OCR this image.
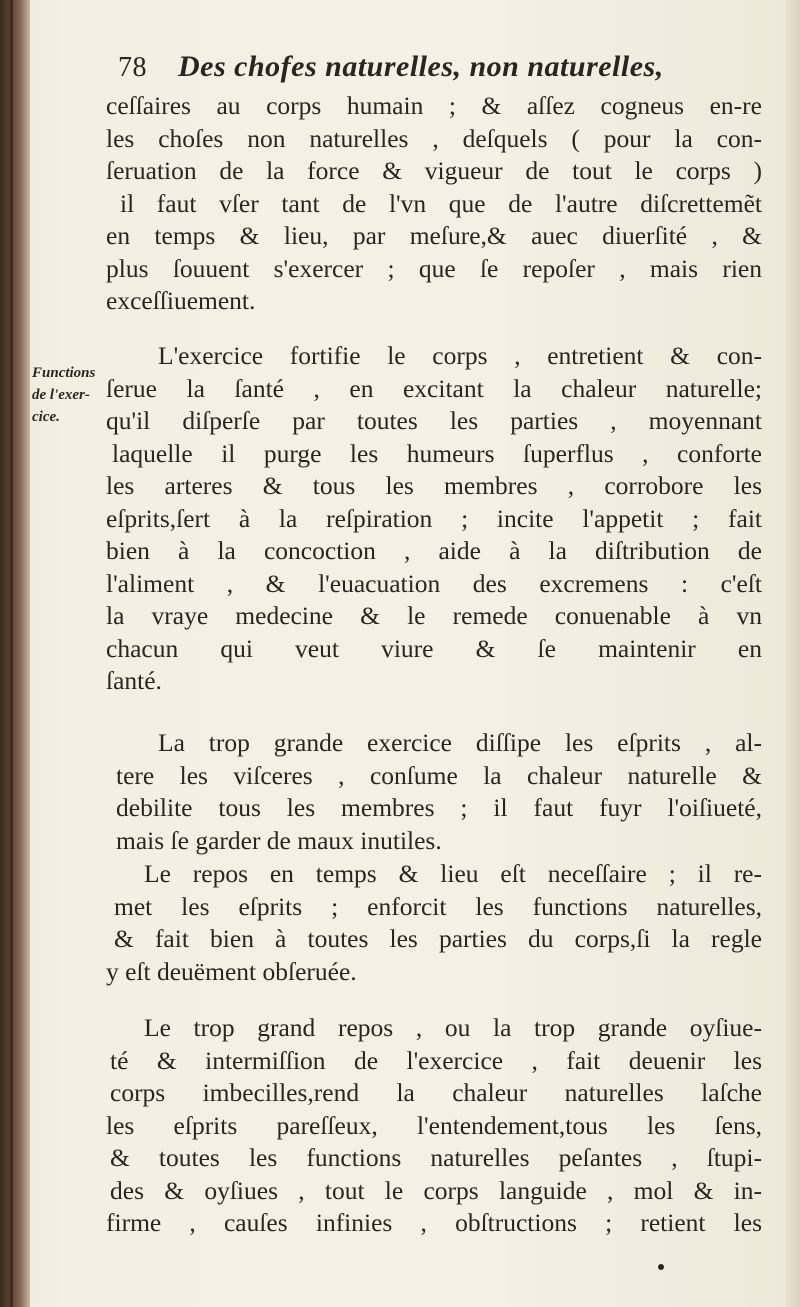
78 Des chofes naturelles, non naturelles,
Functions
de l'exer-
cice.
ceſſaires au corps humain ; & aſſez cogneus en‑re
les choſes non naturelles , deſquels ( pour la con-
ſeruation de la force & vigueur de tout le corps )
il faut vſer tant de l'vn que de l'autre diſcrettemẽt
en temps & lieu, par meſure,& auec diuerſité , &
plus ſouuent s'exercer ; que ſe repoſer , mais rien
exceſſiuement.
L'exercice fortifie le corps , entretient & con-
ſerue la ſanté , en excitant la chaleur naturelle;
qu'il diſperſe par toutes les parties , moyennant
laquelle il purge les humeurs ſuperflus , conforte
les arteres & tous les membres , corrobore les
eſprits,ſert à la reſpiration ; incite l'appetit ; fait
bien à la concoction , aide à la diſtribution de
l'aliment , & l'euacuation des excremens : c'eſt
la vraye medecine & le remede conuenable à vn
chacun qui veut viure & ſe maintenir en
ſanté.
La trop grande exercice diſſipe les eſprits , al-
tere les viſceres , conſume la chaleur naturelle &
debilite tous les membres ; il faut fuyr l'oiſiueté,
mais ſe garder de maux inutiles.
Le repos en temps & lieu eſt neceſſaire ; il re-
met les eſprits ; enforcit les functions naturelles,
& fait bien à toutes les parties du corps,ſi la regle
y eſt deuëment obſeruée.
Le trop grand repos , ou la trop grande oyſiue-
té & intermiſſion de l'exercice , fait deuenir les
corps imbecilles,rend la chaleur naturelles laſche
les eſprits pareſſeux, l'entendement,tous les ſens,
& toutes les functions naturelles peſantes , ſtupi-
des & oyſiues , tout le corps languide , mol & in-
firme , cauſes infinies , obſtructions ; retient les
